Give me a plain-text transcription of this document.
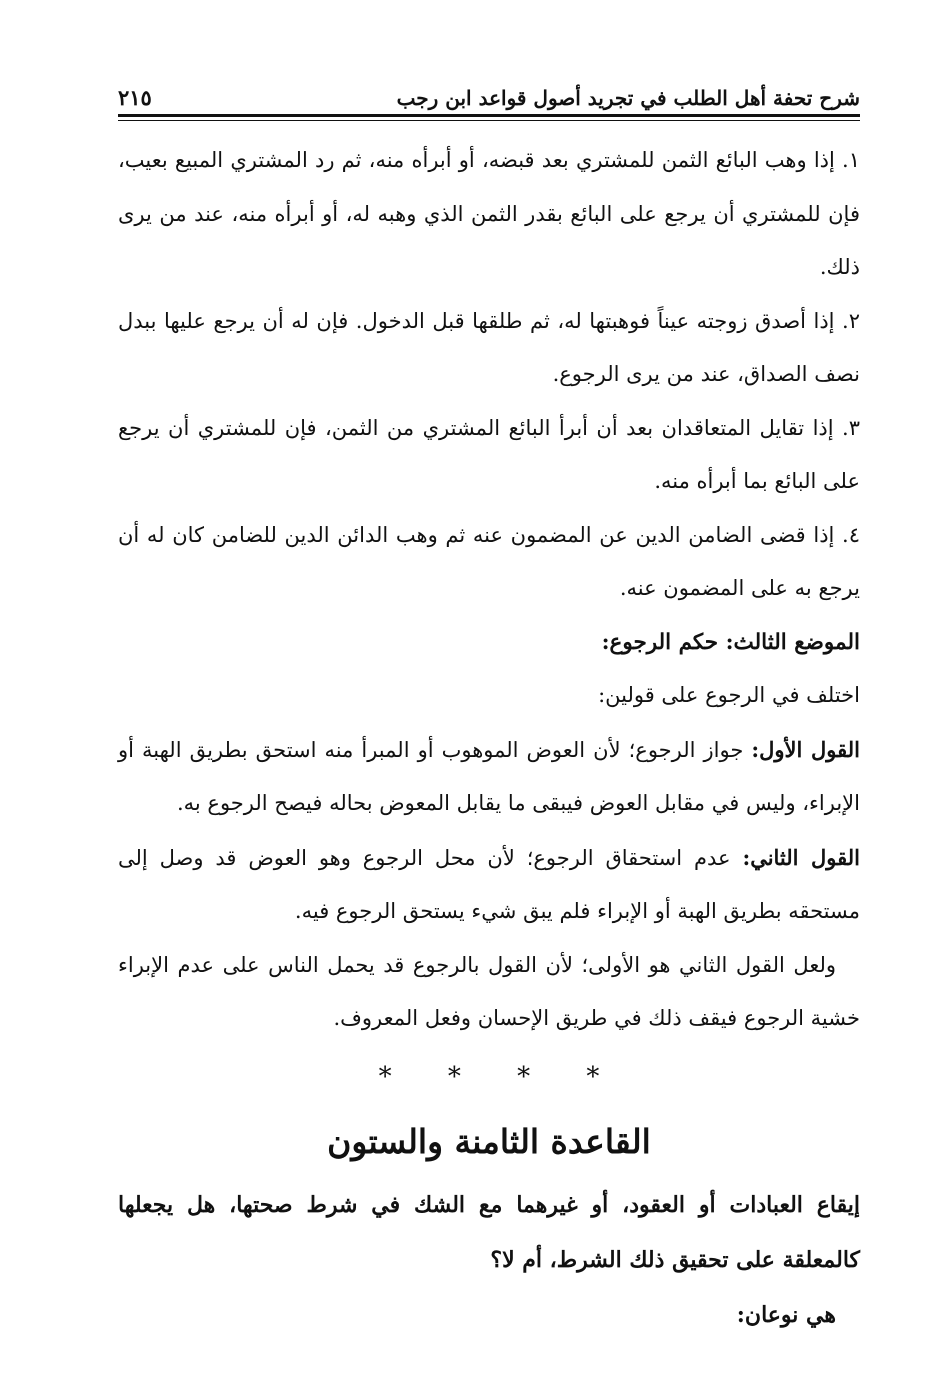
شرح تحفة أهل الطلب في تجريد أصول قواعد ابن رجب
٢١٥

١. إذا وهب البائع الثمن للمشتري بعد قبضه، أو أبرأه منه، ثم رد المشتري المبيع بعيب، فإن للمشتري أن يرجع على البائع بقدر الثمن الذي وهبه له، أو أبرأه منه، عند من يرى ذلك.

٢. إذا أصدق زوجته عيناً فوهبتها له، ثم طلقها قبل الدخول. فإن له أن يرجع عليها ببدل نصف الصداق، عند من يرى الرجوع.

٣. إذا تقايل المتعاقدان بعد أن أبرأ البائع المشتري من الثمن، فإن للمشتري أن يرجع على البائع بما أبرأه منه.

٤. إذا قضى الضامن الدين عن المضمون عنه ثم وهب الدائن الدين للضامن كان له أن يرجع به على المضمون عنه.

الموضع الثالث: حكم الرجوع:

اختلف في الرجوع على قولين:

القول الأول: جواز الرجوع؛ لأن العوض الموهوب أو المبرأ منه استحق بطريق الهبة أو الإبراء، وليس في مقابل العوض فيبقى ما يقابل المعوض بحاله فيصح الرجوع به.

القول الثاني: عدم استحقاق الرجوع؛ لأن محل الرجوع وهو العوض قد وصل إلى مستحقه بطريق الهبة أو الإبراء فلم يبق شيء يستحق الرجوع فيه.

ولعل القول الثاني هو الأولى؛ لأن القول بالرجوع قد يحمل الناس على عدم الإبراء خشية الرجوع فيقف ذلك في طريق الإحسان وفعل المعروف.

* * * *
القاعدة الثامنة والستون

إيقاع العبادات أو العقود، أو غيرهما مع الشك في شرط صحتها، هل يجعلها كالمعلقة على تحقيق ذلك الشرط، أم لا؟

هي نوعان:
